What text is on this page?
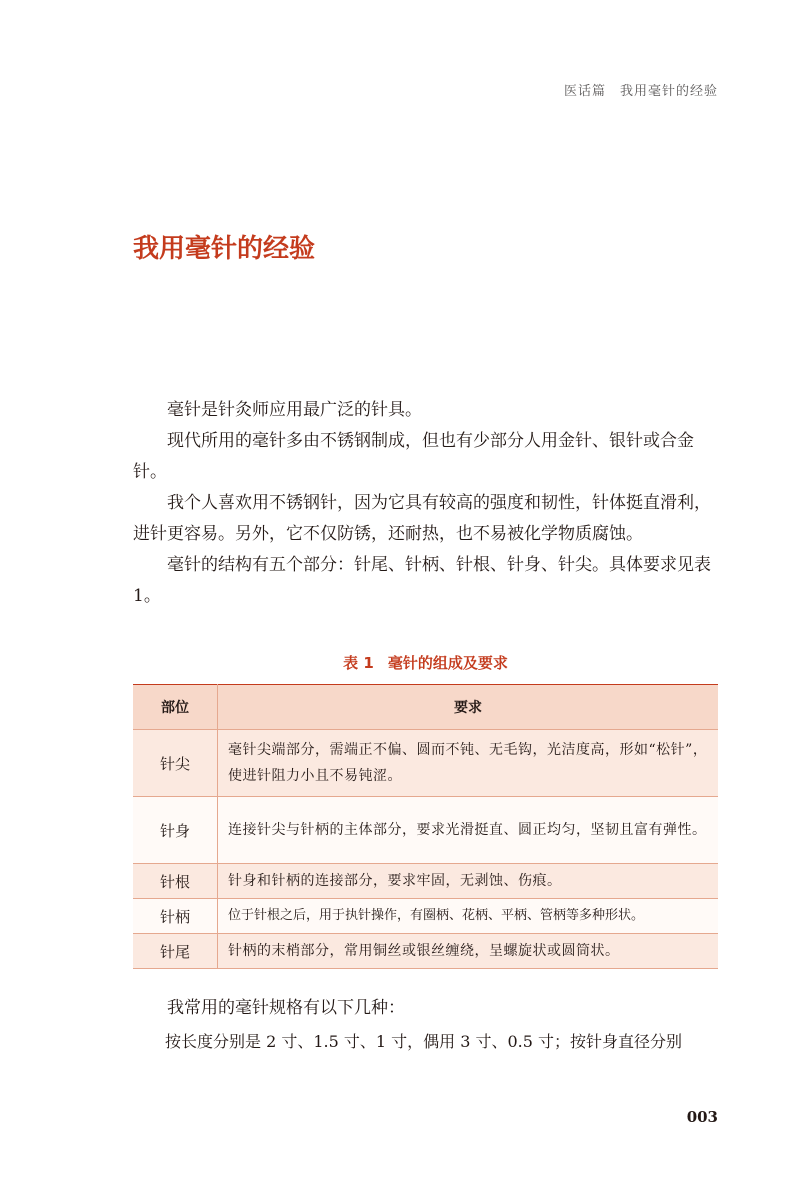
医话篇 我用毫针的经验
我用毫针的经验

毫针是针灸师应用最广泛的针具。

现代所用的毫针多由不锈钢制成，但也有少部分人用金针、银针或合金针。

我个人喜欢用不锈钢针，因为它具有较高的强度和韧性，针体挺直滑利，进针更容易。另外，它不仅防锈，还耐热，也不易被化学物质腐蚀。

毫针的结构有五个部分：针尾、针柄、针根、针身、针尖。具体要求见表 1。

表 1 毫针的组成及要求
部位	要求
针尖	毫针尖端部分，需端正不偏、圆而不钝、无毛钩，光洁度高，形如“松针”，使进针阻力小且不易钝涩。
针身	连接针尖与针柄的主体部分，要求光滑挺直、圆正均匀，坚韧且富有弹性。
针根	针身和针柄的连接部分，要求牢固，无剥蚀、伤痕。
针柄	位于针根之后，用于执针操作，有圈柄、花柄、平柄、管柄等多种形状。
针尾	针柄的末梢部分，常用铜丝或银丝缠绕，呈螺旋状或圆筒状。

我常用的毫针规格有以下几种：

按长度分别是 2 寸、1.5 寸、1 寸，偶用 3 寸、0.5 寸；按针身直径分别

003
